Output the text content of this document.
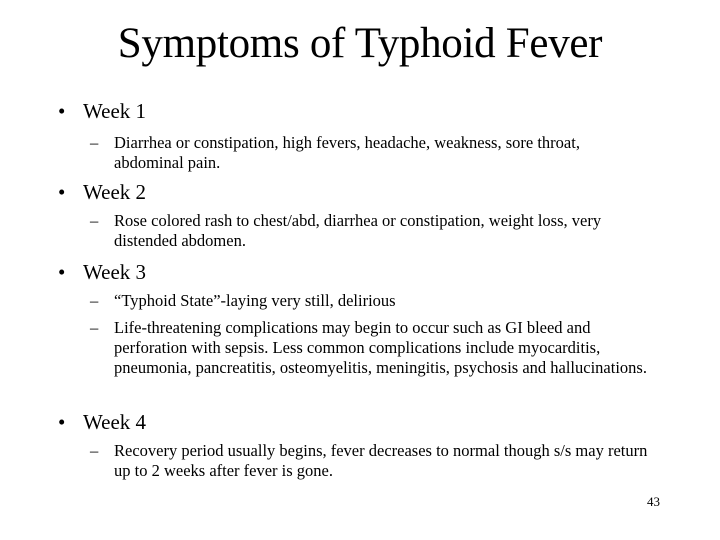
Symptoms of Typhoid Fever
• Week 1
– Diarrhea or constipation, high fevers, headache, weakness, sore throat, abdominal pain.
• Week 2
– Rose colored rash to chest/abd, diarrhea or constipation, weight loss, very distended abdomen.
• Week 3
– “Typhoid State”-laying very still, delirious
– Life-threatening complications may begin to occur such as GI bleed and perforation with sepsis. Less common complications include myocarditis, pneumonia, pancreatitis, osteomyelitis, meningitis, psychosis and hallucinations.
• Week 4
– Recovery period usually begins, fever decreases to normal though s/s may return up to 2 weeks after fever is gone.
43
